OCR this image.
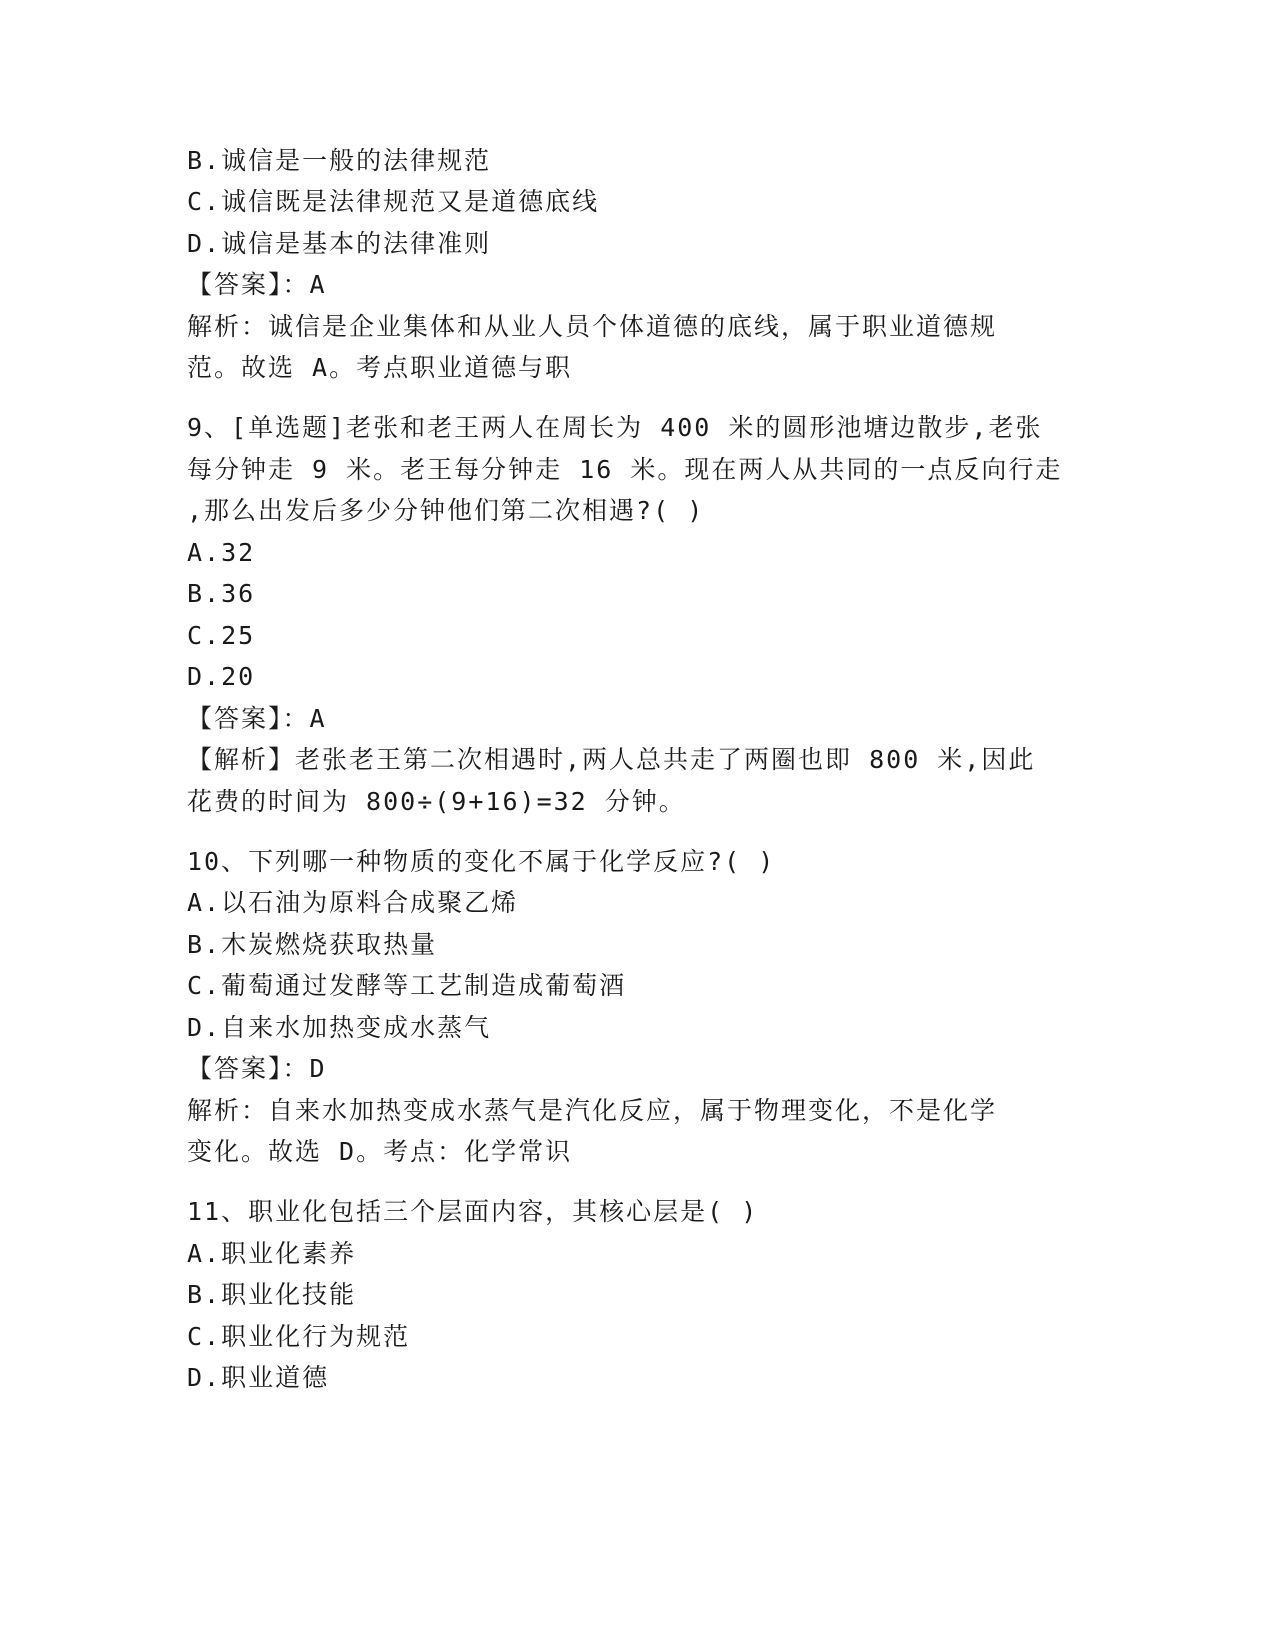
B.诚信是一般的法律规范
C.诚信既是法律规范又是道德底线
D.诚信是基本的法律准则
【答案】：A
解析：诚信是企业集体和从业人员个体道德的底线，属于职业道德规
范。故选 A。考点职业道德与职
9、[单选题]老张和老王两人在周长为 400 米的圆形池塘边散步,老张
每分钟走 9 米。老王每分钟走 16 米。现在两人从共同的一点反向行走
,那么出发后多少分钟他们第二次相遇?( )
A.32
B.36
C.25
D.20
【答案】：A
【解析】老张老王第二次相遇时,两人总共走了两圈也即 800 米,因此
花费的时间为 800÷(9+16)=32 分钟。
10、下列哪一种物质的变化不属于化学反应?( )
A.以石油为原料合成聚乙烯
B.木炭燃烧获取热量
C.葡萄通过发酵等工艺制造成葡萄酒
D.自来水加热变成水蒸气
【答案】：D
解析：自来水加热变成水蒸气是汽化反应，属于物理变化，不是化学
变化。故选 D。考点：化学常识
11、职业化包括三个层面内容，其核心层是( )
A.职业化素养
B.职业化技能
C.职业化行为规范
D.职业道德
